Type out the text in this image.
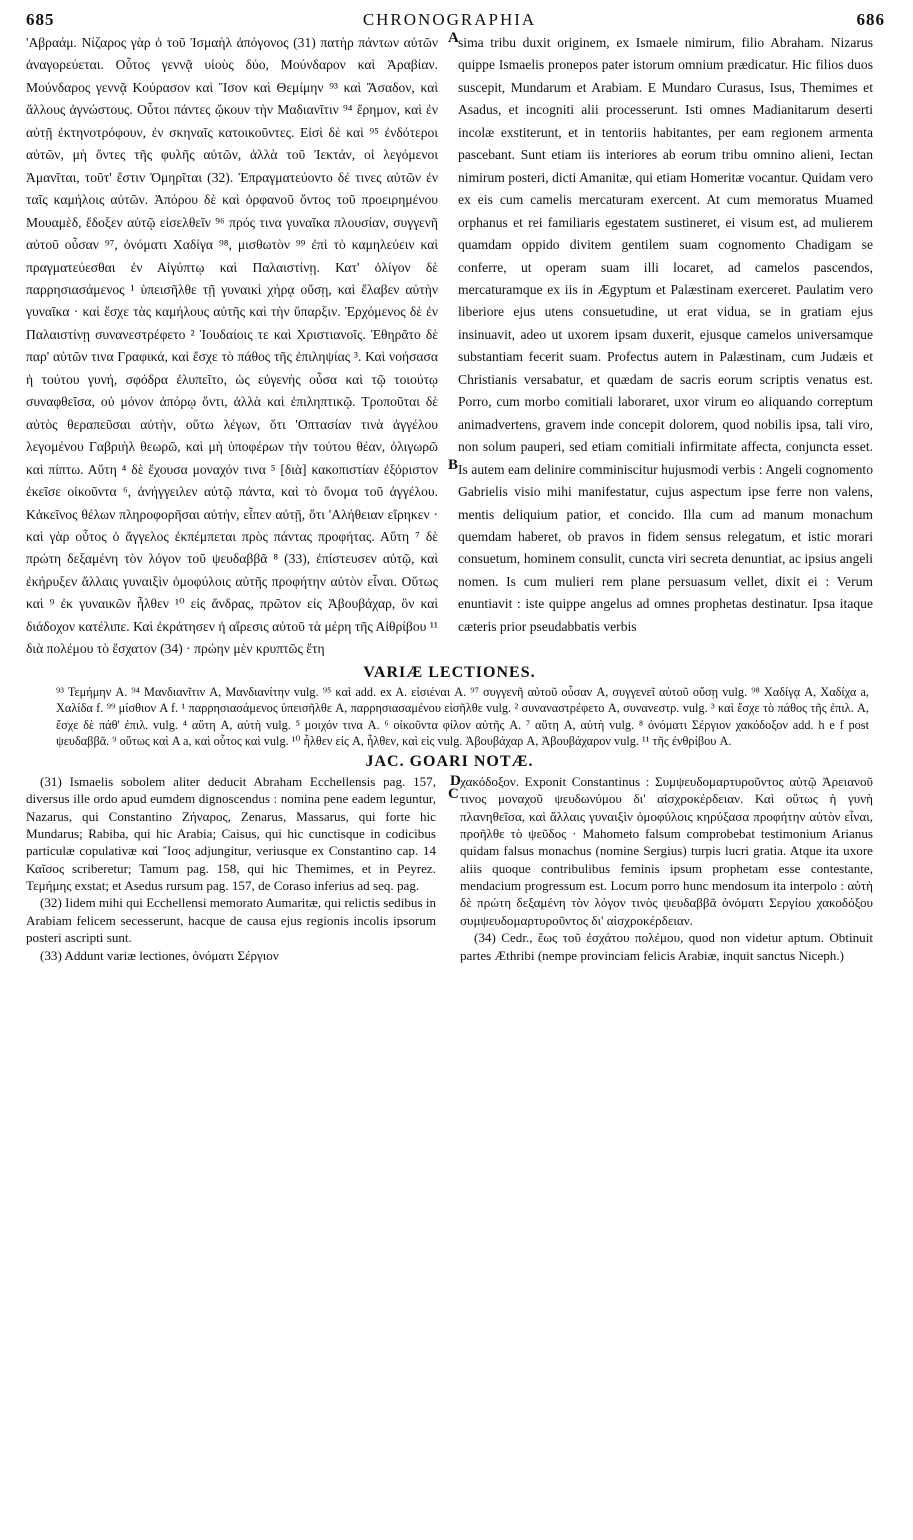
685	CHRONOGRAPHIA	686

'Αβραάμ. Νίζαρος γὰρ ὁ τοῦ Ἰσμαὴλ ἀπόγονος (31) πατὴρ πάντων αὐτῶν ἀναγορεύεται. Οὗτος γεννᾷ υἱοὺς δύο, Μούνδαρον καὶ Ἀραβίαν. Μούνδαρος γεννᾷ Κούρασον καὶ Ἴσον καὶ Θεμίμην ⁹³ καὶ Ἄσαδον, καὶ ἄλλους ἀγνώστους. Οὗτοι πάντες ᾤκουν τὴν Μαδιανῖτιν ⁹⁴ ἔρημον, καὶ ἐν αὐτῇ ἐκτηνοτρόφουν, ἐν σκηναῖς κατοικοῦντες. Εἰσὶ δὲ καὶ ⁹⁵ ἐνδότεροι αὐτῶν, μὴ ὄντες τῆς φυλῆς αὐτῶν, ἀλλὰ τοῦ Ἰεκτάν, οἱ λεγόμενοι Ἀμανῖται, τοῦτ' ἔστιν Ὁμηρῖται (32). Ἐπραγματεύοντο δέ τινες αὐτῶν ἐν ταῖς καμήλοις αὐτῶν. Ἀπόρου δὲ καὶ ὀρφανοῦ ὄντος τοῦ προειρημένου Μουαμὲδ, ἔδοξεν αὐτῷ εἰσελθεῖν ⁹⁶ πρός τινα γυναῖκα πλουσίαν, συγγενῆ αὐτοῦ οὖσαν ⁹⁷, ὀνόματι Χαδίγα ⁹⁸, μισθωτὸν ⁹⁹ ἐπὶ τὸ καμηλεύειν καὶ πραγματεύεσθαι ἐν Αἰγύπτῳ καὶ Παλαιστίνῃ. Κατ' ὀλίγον δὲ παρρησιασάμενος ¹ ὑπεισῆλθε τῇ γυναικὶ χήρᾳ οὔσῃ, καὶ ἔλαβεν αὐτὴν γυναῖκα · καὶ ἔσχε τὰς καμήλους αὐτῆς καὶ τὴν ὕπαρξιν. Ἐρχόμενος δὲ ἐν Παλαιστίνῃ συνανεστρέφετο ² Ἰουδαίοις τε καὶ Χριστιανοῖς. Ἐθηρᾶτο δὲ παρ' αὐτῶν τινα Γραφικά, καὶ ἔσχε τὸ πάθος τῆς ἐπιληψίας ³. Καὶ νοήσασα ἡ τούτου γυνή, σφόδρα ἐλυπεῖτο, ὡς εὐγενὴς οὖσα καὶ τῷ τοιούτῳ συναφθεῖσα, οὐ μόνον ἀπόρῳ ὄντι, ἀλλὰ καὶ ἐπιληπτικῷ. Τροποῦται δὲ αὐτὸς θεραπεῦσαι αὐτὴν, οὕτω λέγων, ὅτι 'Οπτασίαν τινὰ ἀγγέλου λεγομένου Γαβριὴλ θεωρῶ, καὶ μὴ ὑποφέρων τὴν τούτου θέαν, ὀλιγωρῶ καὶ πίπτω. Αὕτη ⁴ δὲ ἔχουσα μοναχόν τινα ⁵ [διὰ] κακοπιστίαν ἐξόριστον ἐκεῖσε οἰκοῦντα ⁶, ἀνήγγειλεν αὐτῷ πάντα, καὶ τὸ ὄνομα τοῦ ἀγγέλου. Κἀκεῖνος θέλων πληροφορῆσαι αὐτὴν, εἶπεν αὐτῇ, ὅτι 'Αλήθειαν εἴρηκεν · καὶ γὰρ οὗτος ὁ ἄγγελος ἐκπέμπεται πρὸς πάντας προφήτας. Αὕτη ⁷ δὲ πρώτη δεξαμένη τὸν λόγον τοῦ ψευδαββᾶ ⁸ (33), ἐπίστευσεν αὐτῷ, καὶ ἐκήρυξεν ἄλλαις γυναιξὶν ὁμοφύλοις αὐτῆς προφήτην αὐτὸν εἶναι. Οὕτως καὶ ⁹ ἐκ γυναικῶν ἦλθεν ¹⁰ εἰς ἄνδρας, πρῶτον εἰς Ἀβουβάχαρ, ὃν καὶ διάδοχον κατέλιπε. Καὶ ἐκράτησεν ἡ αἵρεσις αὐτοῦ τὰ μέρη τῆς Αἰθρίβου ¹¹ διὰ πολέμου τὸ ἔσχατον (34) · πρώην μὲν κρυπτῶς ἔτη

sima tribu duxit originem, ex Ismaele nimirum, filio Abraham. Nizarus quippe Ismaelis pronepos pater istorum omnium prædicatur. Hic filios duos suscepit, Mundarum et Arabiam. E Mundaro Curasus, Isus, Themimes et Asadus, et incogniti alii processerunt. Isti omnes Madianitarum deserti incolæ exstiterunt, et in tentoriis habitantes, per eam regionem armenta pascebant. Sunt etiam iis interiores ab eorum tribu omnino alieni, Iectan nimirum posteri, dicti Amanitæ, qui etiam Homeritæ vocantur. Quidam vero ex eis cum camelis mercaturam exercent. At cum memoratus Muamed orphanus et rei familiaris egestatem sustineret, ei visum est, ad mulierem quamdam oppido divitem gentilem suam cognomento Chadigam se conferre, ut operam suam illi locaret, ad camelos pascendos, mercaturamque ex iis in Ægyptum et Palæstinam exerceret. Paulatim vero liberiore ejus utens consuetudine, ut erat vidua, se in gratiam ejus insinuavit, adeo ut uxorem ipsam duxerit, ejusque camelos universamque substantiam fecerit suam. Profectus autem in Palæstinam, cum Judæis et Christianis versabatur, et quædam de sacris eorum scriptis venatus est. Porro, cum morbo comitiali laboraret, uxor virum eo aliquando correptum animadvertens, gravem inde concepit dolorem, quod nobilis ipsa, tali viro, non solum pauperi, sed etiam comitiali infirmitate affecta, conjuncta esset. Is autem eam delinire comminiscitur hujusmodi verbis : Angeli cognomento Gabrielis visio mihi manifestatur, cujus aspectum ipse ferre non valens, mentis deliquium patior, et concido. Illa cum ad manum monachum quemdam haberet, ob pravos in fidem sensus relegatum, et istic morari consuetum, hominem consulit, cuncta viri secreta denuntiat, ac ipsius angeli nomen. Is cum mulieri rem plane persuasum vellet, dixit ei : Verum enuntiavit : iste quippe angelus ad omnes prophetas destinatur. Ipsa itaque cæteris prior pseudabbatis verbis

A
B
C
VARIÆ LECTIONES.

⁹³ Τεμήμην A. ⁹⁴ Μανδιανῖτιν A, Μανδιανίτην vulg. ⁹⁵ καὶ add. ex A. εἰσιέναι A. ⁹⁷ συγγενῆ αὐτοῦ οὖσαν A, συγγενεῖ αὐτοῦ οὔσῃ vulg. ⁹⁸ Χαδίγᾳ A, Χαδίχα a, Χαλίδα f. ⁹⁹ μίσθιον A f. ¹ παρρησιασάμενος ὑπεισῆλθε A, παρρησιασαμένου εἰσῆλθε vulg. ² συναναστρέφετο A, συνανεστρ. vulg. ³ καὶ ἔσχε τὸ πάθος τῆς ἐπιλ. A, ἔσχε δὲ πάθ' ἐπιλ. vulg. ⁴ αὕτη A, αὐτὴ vulg. ⁵ μοιχόν τινα A. ⁶ οἰκοῦντα φίλον αὐτῆς A. ⁷ αὕτη A, αὐτὴ vulg. ⁸ ὀνόματι Σέργιον χακόδοξον add. h e f post ψευδαββᾶ. ⁹ οὕτως καὶ A a, καὶ οὗτος καὶ vulg. ¹⁰ ἦλθεν εἰς A, ἦλθεν, καὶ εἰς vulg. Ἀβουβάχαρ A, Ἀβουβάχαρον vulg. ¹¹ τῆς ἐνθρίβου A.

JAC. GOARI NOTÆ.

(31) Ismaelis sobolem aliter deducit Abraham Ecchellensis pag. 157, diversus ille ordo apud eumdem dignoscendus : nomina pene eadem leguntur, Nazarus, qui Constantino Ζήναρος, Zenarus, Massarus, qui forte hic Mundarus; Rabiba, qui hic Arabia; Caisus, qui hic cunctisque in codicibus particulæ copulativæ καὶ Ἴσος adjungitur, veriusque ex Constantino cap. 14 Καῖσος scriberetur; Tamum pag. 158, qui hic Themimes, et in Peyrez. Τεμήμης exstat; et Asedus rursum pag. 157, de Coraso inferius ad seq. pag.

(32) Iidem mihi qui Ecchellensi memorato Aumaritæ, qui relictis sedibus in Arabiam felicem secesserunt, hacque de causa ejus regionis incolis ipsorum posteri ascripti sunt.

(33) Addunt variæ lectiones, ὀνόματι Σέργιον

χακόδοξον. Exponit Constantinus : Συμψευδομαρτυροῦντος αὐτῷ Ἀρειανοῦ τινος μοναχοῦ ψευδωνύμου δι' αἰσχροκέρδειαν. Καὶ οὕτως ἡ γυνὴ πλανηθεῖσα, καὶ ἄλλαις γυναιξὶν ὁμοφύλοις κηρύξασα προφήτην αὐτὸν εἶναι, προῆλθε τὸ ψεῦδος · Mahometo falsum comprobebat testimonium Arianus quidam falsus monachus (nomine Sergius) turpis lucri gratia. Atque ita uxore aliis quoque contribulibus feminis ipsum prophetam esse contestante, mendacium progressum est. Locum porro hunc mendosum ita interpolo : αὐτὴ δὲ πρώτη δεξαμένη τὸν λόγον τινὸς ψευδαββᾶ ὀνόματι Σεργίου χακοδόξου συμψευδομαρτυροῦντος δι' αἰσχροκέρδειαν.

(34) Cedr., ἕως τοῦ ἐσχάτου πολέμου, quod non videtur aptum. Obtinuit partes Æthribi (nempe provinciam felicis Arabiæ, inquit sanctus Niceph.)

D
